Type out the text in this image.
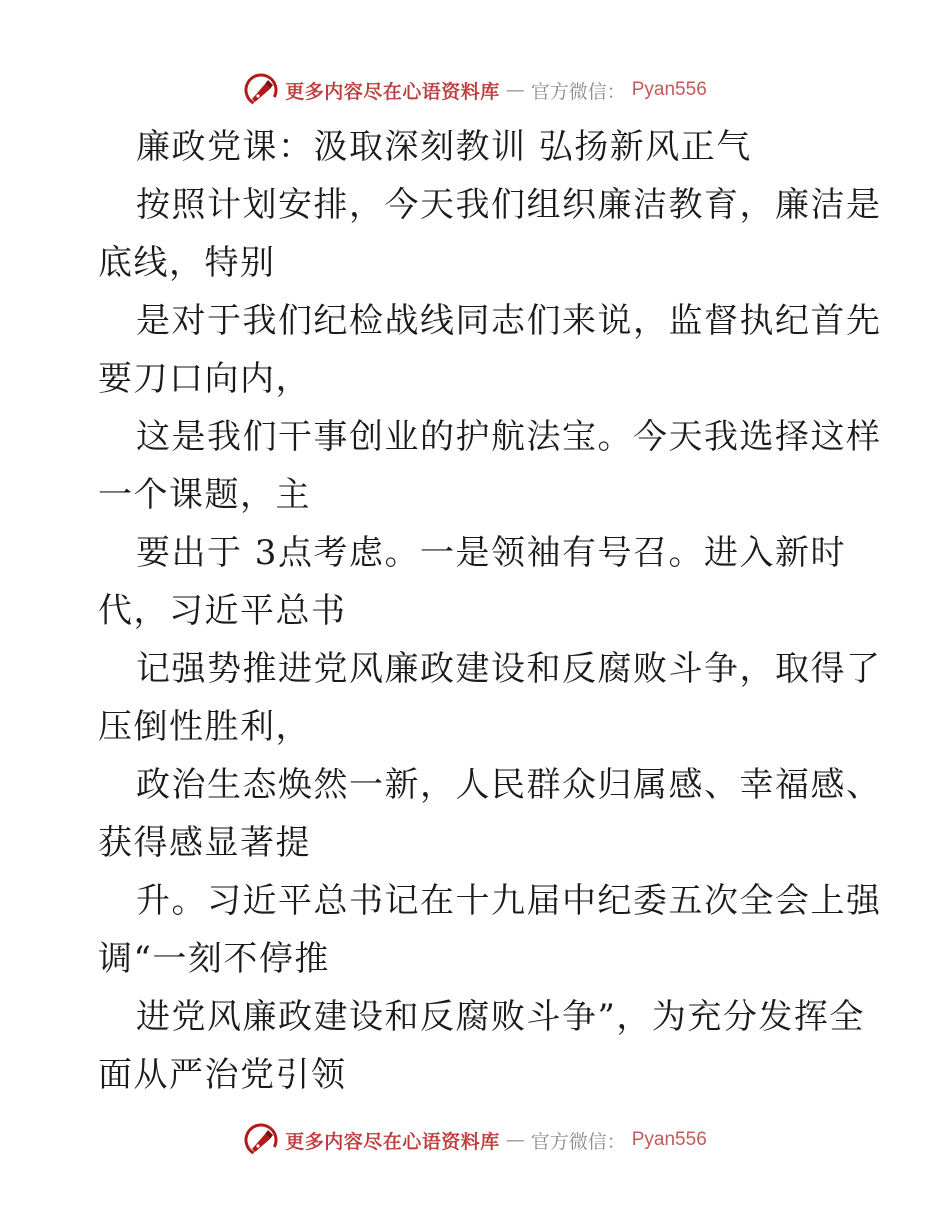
更多内容尽在心语资料库 — 官方微信： Pyan556
廉政党课：汲取深刻教训 弘扬新风正气
按照计划安排，今天我们组织廉洁教育，廉洁是
底线，特别
是对于我们纪检战线同志们来说，监督执纪首先
要刀口向内，
这是我们干事创业的护航法宝。今天我选择这样
一个课题，主
要出于 3点考虑。一是领袖有号召。进入新时
代，习近平总书
记强势推进党风廉政建设和反腐败斗争，取得了
压倒性胜利，
政治生态焕然一新，人民群众归属感、幸福感、
获得感显著提
升。习近平总书记在十九届中纪委五次全会上强
调“一刻不停推
进党风廉政建设和反腐败斗争”，为充分发挥全
面从严治党引领
更多内容尽在心语资料库 — 官方微信： Pyan556
